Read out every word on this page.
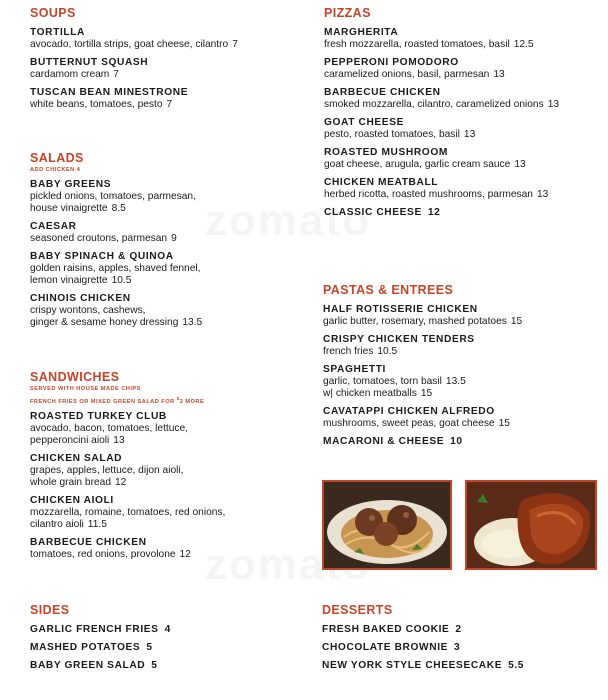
SOUPS
TORTILLA
avocado, tortilla strips, goat cheese, cilantro 7
BUTTERNUT SQUASH
cardamom cream 7
TUSCAN BEAN MINESTRONE
white beans, tomatoes, pesto 7
SALADS
ADD CHICKEN 4
BABY GREENS
pickled onions, tomatoes, parmesan,
house vinaigrette 8.5
CAESAR
seasoned croutons, parmesan 9
BABY SPINACH & QUINOA
golden raisins, apples, shaved fennel,
lemon vinaigrette 10.5
CHINOIS CHICKEN
crispy wontons, cashews,
ginger & sesame honey dressing 13.5
SANDWICHES
SERVED WITH HOUSE MADE CHIPS
FRENCH FRIES OR MIXED GREEN SALAD FOR $2 MORE
ROASTED TURKEY CLUB
avocado, bacon, tomatoes, lettuce,
pepperoncini aioli 13
CHICKEN SALAD
grapes, apples, lettuce, dijon aioli,
whole grain bread 12
CHICKEN AIOLI
mozzarella, romaine, tomatoes, red onions,
cilantro aioli 11.5
BARBECUE CHICKEN
tomatoes, red onions, provolone 12
SIDES
GARLIC FRENCH FRIES 4
MASHED POTATOES 5
BABY GREEN SALAD 5
PIZZAS
MARGHERITA
fresh mozzarella, roasted tomatoes, basil 12.5
PEPPERONI POMODORO
caramelized onions, basil, parmesan 13
BARBECUE CHICKEN
smoked mozzarella, cilantro, caramelized onions 13
GOAT CHEESE
pesto, roasted tomatoes, basil 13
ROASTED MUSHROOM
goat cheese, arugula, garlic cream sauce 13
CHICKEN MEATBALL
herbed ricotta, roasted mushrooms, parmesan 13
CLASSIC CHEESE 12
PASTAS & ENTREES
HALF ROTISSERIE CHICKEN
garlic butter, rosemary, mashed potatoes 15
CRISPY CHICKEN TENDERS
french fries 10.5
SPAGHETTI
garlic, tomatoes, torn basil 13.5
w| chicken meatballs 15
CAVATAPPI CHICKEN ALFREDO
mushrooms, sweet peas, goat cheese 15
MACARONI & CHEESE 10
DESSERTS
FRESH BAKED COOKIE 2
CHOCOLATE BROWNIE 3
NEW YORK STYLE CHEESECAKE 5.5
